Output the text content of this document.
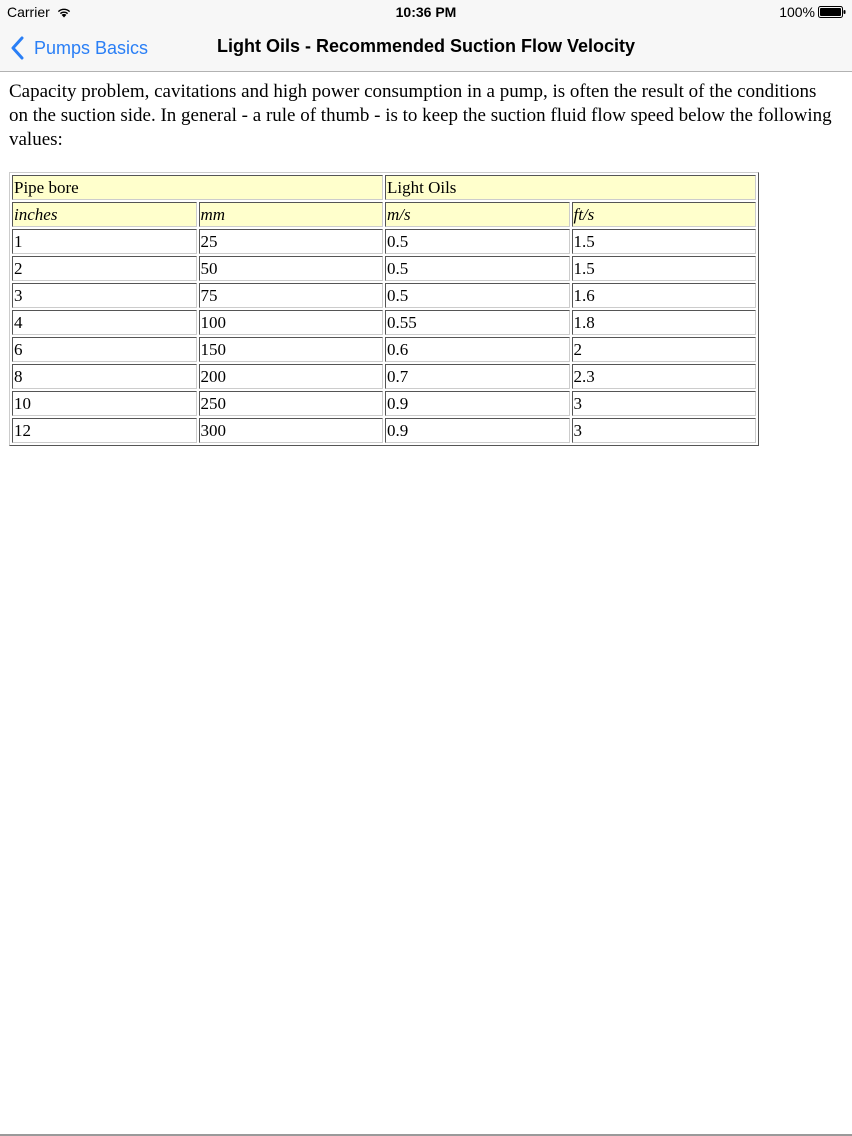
Carrier	10:36 PM	100%
Pumps Basics	Light Oils - Recommended Suction Flow Velocity

Capacity problem, cavitations and high power consumption in a pump, is often the result of the conditions on the suction side. In general - a rule of thumb - is to keep the suction fluid flow speed below the following values:

Pipe bore		Light Oils	
inches	mm	m/s	ft/s
1	25	0.5	1.5
2	50	0.5	1.5
3	75	0.5	1.6
4	100	0.55	1.8
6	150	0.6	2
8	200	0.7	2.3
10	250	0.9	3
12	300	0.9	3
